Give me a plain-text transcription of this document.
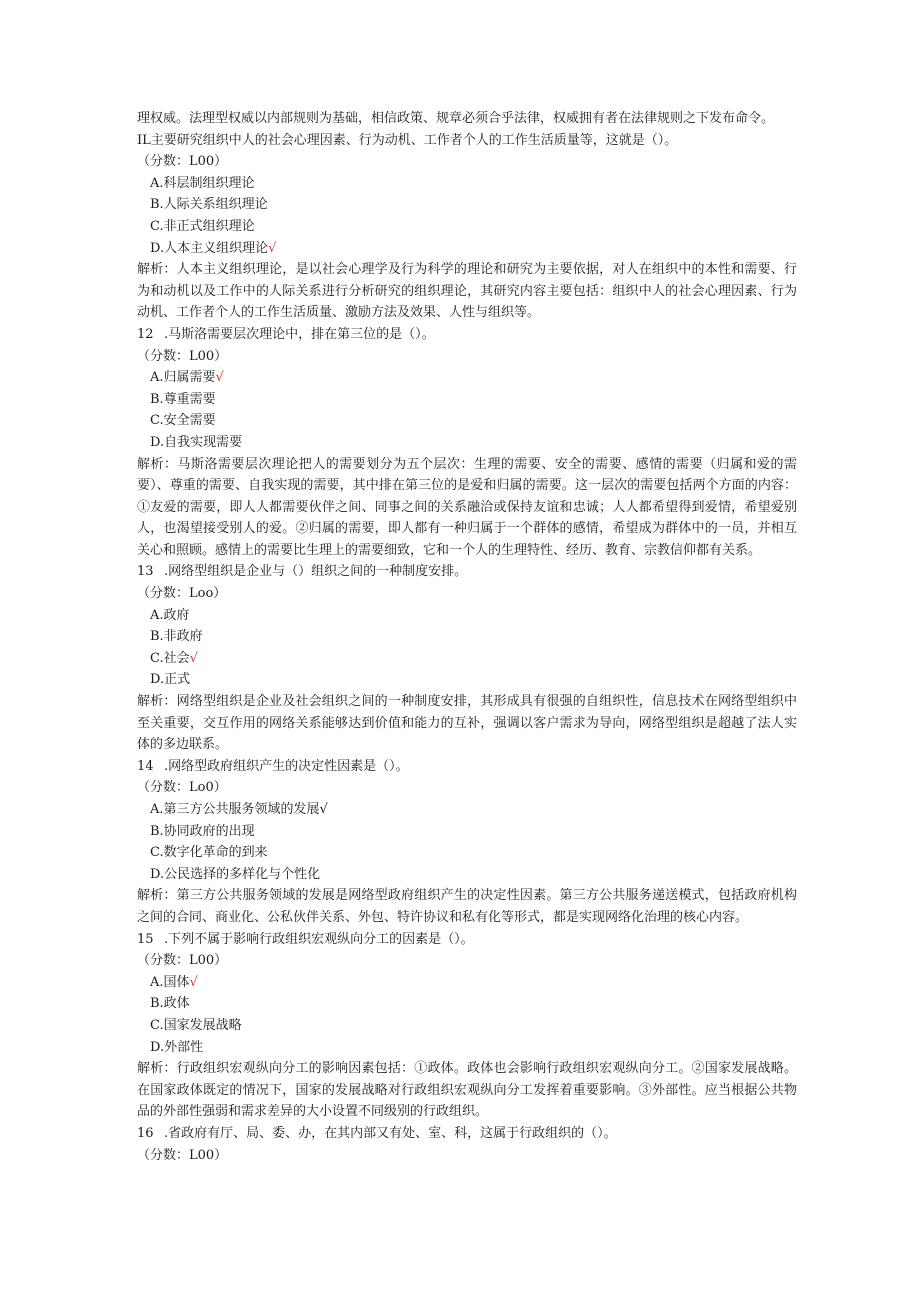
理权威。法理型权威以内部规则为基础，相信政策、规章必须合乎法律，权威拥有者在法律规则之下发布命令。
IL主要研究组织中人的社会心理因素、行为动机、工作者个人的工作生活质量等，这就是（）。
（分数：L00）
A.科层制组织理论
B.人际关系组织理论
C.非正式组织理论
D.人本主义组织理论√
解析：人本主义组织理论，是以社会心理学及行为科学的理论和研究为主要依据，对人在组织中的本性和需要、行为和动机以及工作中的人际关系进行分析研究的组织理论，其研究内容主要包括：组织中人的社会心理因素、行为动机、工作者个人的工作生活质量、激励方法及效果、人性与组织等。
12 .马斯洛需要层次理论中，排在第三位的是（）。
（分数：L00）
A.归属需要√
B.尊重需要
C.安全需要
D.自我实现需要
解析：马斯洛需要层次理论把人的需要划分为五个层次：生理的需要、安全的需要、感情的需要（归属和爱的需要）、尊重的需要、自我实现的需要，其中排在第三位的是爱和归属的需要。这一层次的需要包括两个方面的内容：①友爱的需要，即人人都需要伙伴之间、同事之间的关系融洽或保持友谊和忠诚；人人都希望得到爱情，希望爱别人，也渴望接受别人的爱。②归属的需要，即人都有一种归属于一个群体的感情，希望成为群体中的一员，并相互关心和照顾。感情上的需要比生理上的需要细致，它和一个人的生理特性、经历、教育、宗教信仰都有关系。
13 .网络型组织是企业与（）组织之间的一种制度安排。
（分数：Loo）
A.政府
B.非政府
C.社会√
D.正式
解析：网络型组织是企业及社会组织之间的一种制度安排，其形成具有很强的自组织性，信息技术在网络型组织中至关重要，交互作用的网络关系能够达到价值和能力的互补，强调以客户需求为导向，网络型组织是超越了法人实体的多边联系。
14 .网络型政府组织产生的决定性因素是（）。
（分数：Lo0）
A.第三方公共服务领域的发展√
B.协同政府的出现
C.数字化革命的到来
D.公民选择的多样化与个性化
解析：第三方公共服务领域的发展是网络型政府组织产生的决定性因素。第三方公共服务递送模式，包括政府机构之间的合同、商业化、公私伙伴关系、外包、特许协议和私有化等形式，都是实现网络化治理的核心内容。
15 .下列不属于影响行政组织宏观纵向分工的因素是（）。
（分数：L00）
A.国体√
B.政体
C.国家发展战略
D.外部性
解析：行政组织宏观纵向分工的影响因素包括：①政体。政体也会影响行政组织宏观纵向分工。②国家发展战略。在国家政体既定的情况下，国家的发展战略对行政组织宏观纵向分工发挥着重要影响。③外部性。应当根据公共物品的外部性强弱和需求差异的大小设置不同级别的行政组织。
16 .省政府有厅、局、委、办，在其内部又有处、室、科，这属于行政组织的（）。
（分数：L00）
